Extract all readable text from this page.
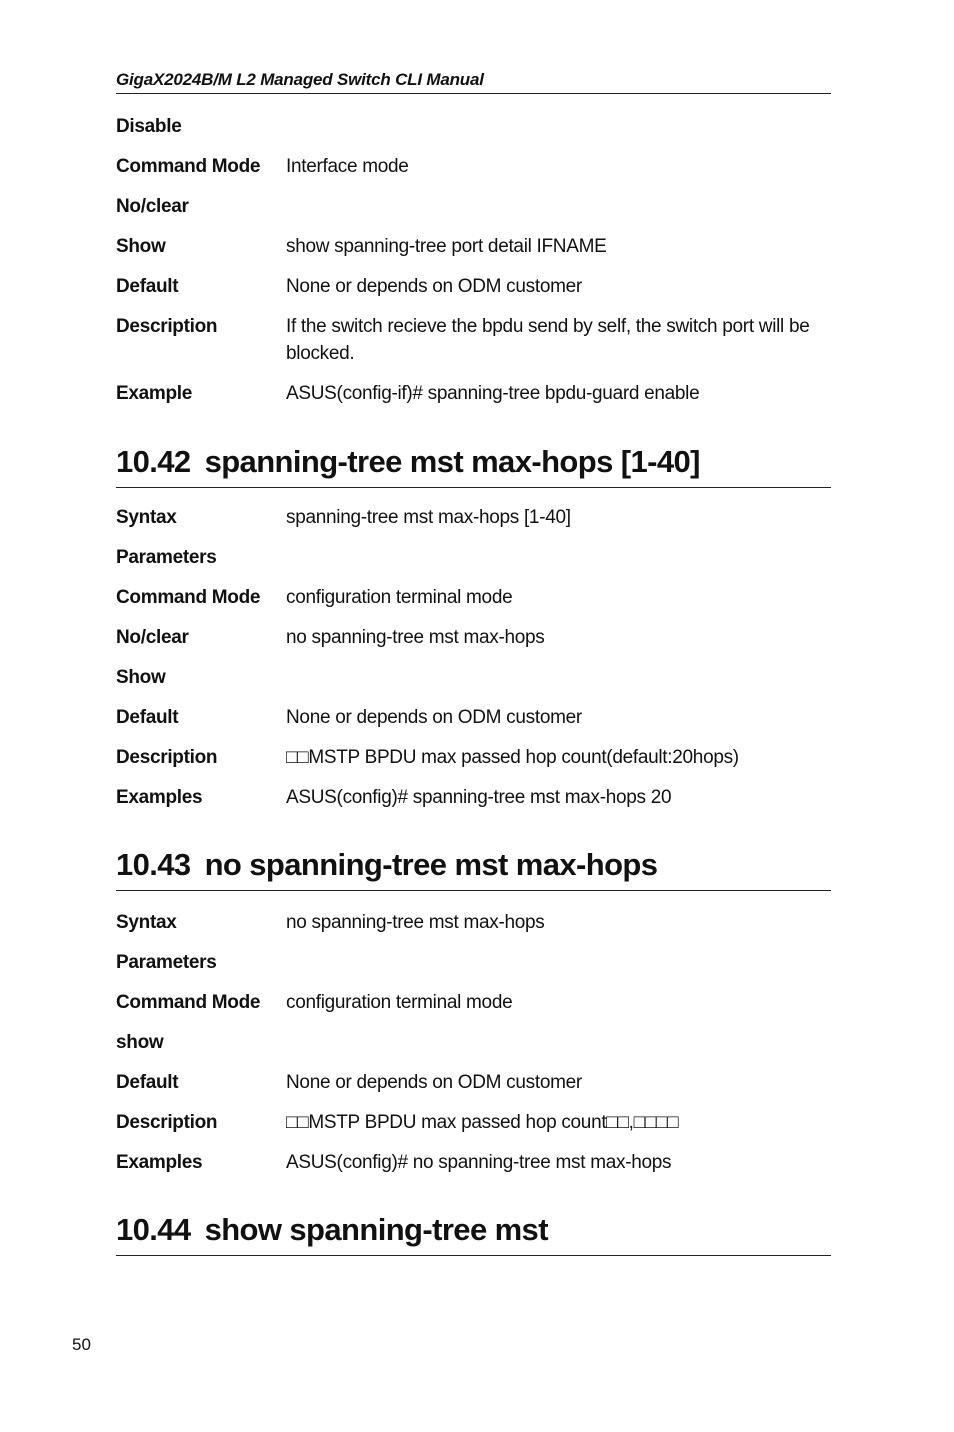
GigaX2024B/M L2 Managed Switch CLI Manual
Disable
Command Mode	Interface mode
No/clear
Show	show spanning-tree port detail IFNAME
Default	None or depends on ODM customer
Description	If the switch recieve the bpdu send by self, the switch port will be blocked.
Example	ASUS(config-if)# spanning-tree bpdu-guard enable
10.42 spanning-tree mst max-hops [1-40]
Syntax	spanning-tree mst max-hops [1-40]
Parameters
Command Mode	configuration terminal mode
No/clear	no spanning-tree mst max-hops
Show
Default	None or depends on ODM customer
Description	□□MSTP BPDU max passed hop count(default:20hops)
Examples	ASUS(config)# spanning-tree mst max-hops 20
10.43 no spanning-tree mst max-hops
Syntax	no spanning-tree mst max-hops
Parameters
Command Mode	configuration terminal mode
show
Default	None or depends on ODM customer
Description	□□MSTP BPDU max passed hop count□□,□□□□
Examples	ASUS(config)# no spanning-tree mst max-hops
10.44 show spanning-tree mst
50
